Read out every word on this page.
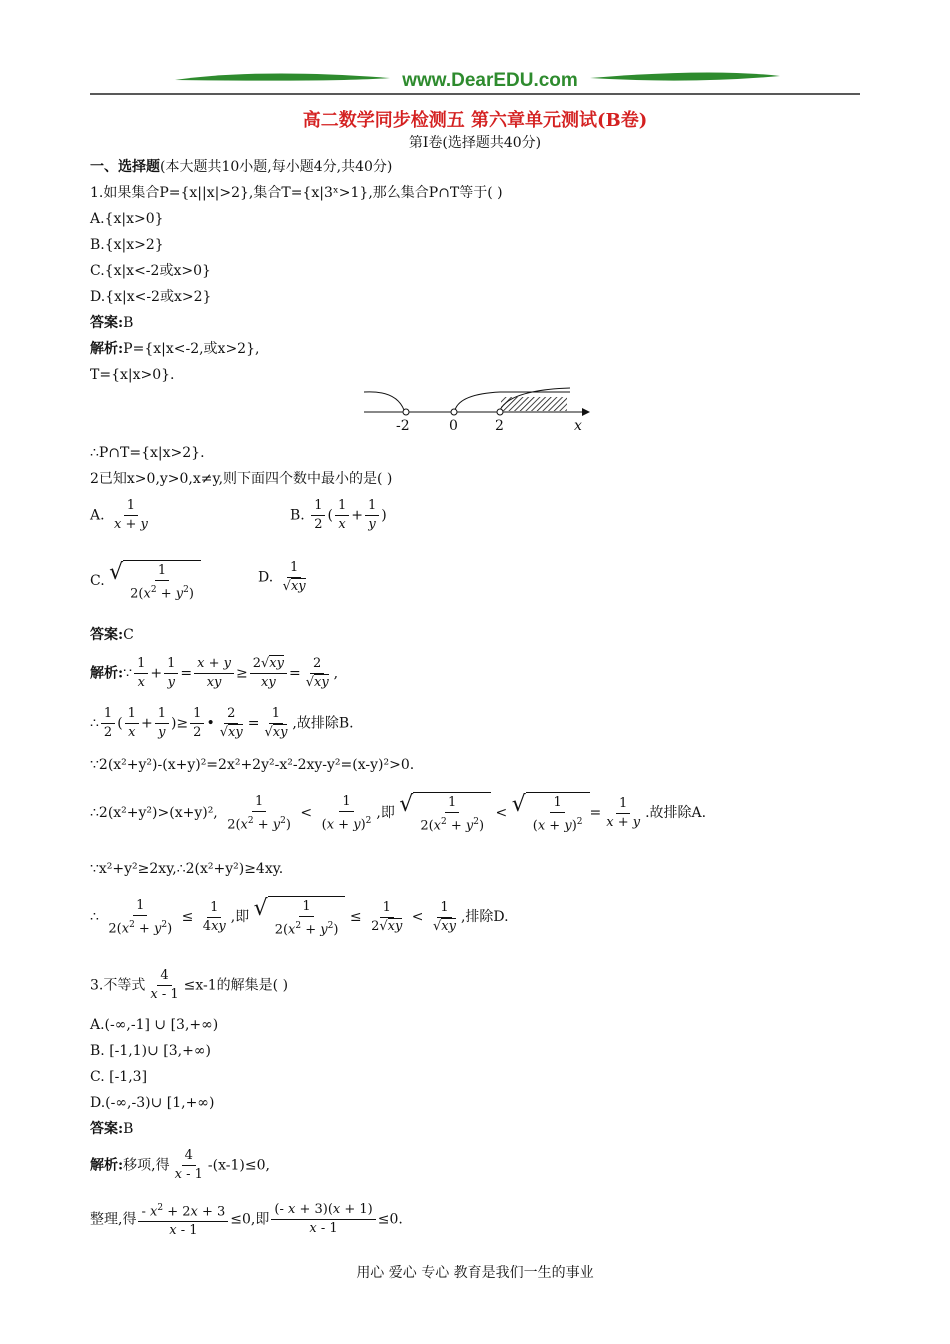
www.DearEDU.com
高二数学同步检测五 第六章单元测试(B卷)
第Ⅰ卷(选择题共40分)
一、选择题(本大题共10小题,每小题4分,共40分)
1.如果集合P={x||x|>2},集合T={x|3ˣ>1},那么集合P∩T等于( )
A.{x|x>0}
B.{x|x>2}
C.{x|x<-2或x>0}
D.{x|x<-2或x>2}
答案:B
解析:P={x|x<-2,或x>2},
T={x|x>0}.
-2	0	2	x
∴P∩T={x|x>2}.
2已知x>0,y>0,x≠y,则下面四个数中最小的是( )
A. $\frac{1}{x + y}$	B. $\frac{1}{2}$ ( $\frac{1}{x} + \frac{1}{y}$ )
C. √ $\frac{1}{2(x^2 + y^2)}$	D. $\frac{1}{√xy}$
答案:C
解析:∵ $\frac{1}{x} + \frac{1}{y} = \frac{x + y}{xy} \ge \frac{2√xy}{xy} = \frac{2}{√xy}$ ,
∴ $\frac{1}{2}$ ( $\frac{1}{x} + \frac{1}{y}$ )≥ $\frac{1}{2}$ • $\frac{2}{√xy} = \frac{1}{√xy}$ ,故排除B.
∵2(x²+y²)-(x+y)²=2x²+2y²-x²-2xy-y²=(x-y)²>0.
∴2(x²+y²)>(x+y)², $\frac{1}{2(x^2 + y^2)} < \frac{1}{(x + y)^2}$ ,即 √ $\frac{1}{2(x^2 + y^2)}$ < √ $\frac{1}{(x + y)^2} = \frac{1}{x + y}$ .故排除A.
∵x²+y²≥2xy,∴2(x²+y²)≥4xy.
∴ $\frac{1}{2(x^2 + y^2)} \le \frac{1}{4xy}$ ,即 √ $\frac{1}{2(x^2 + y^2)} \le \frac{1}{2√xy} < \frac{1}{√xy}$ ,排除D.
3.不等式 $\frac{4}{x - 1} \le x-1$的解集是( )
A.(-∞,-1] ∪ [3,+∞)
B. [-1,1)∪ [3,+∞)
C. [-1,3]
D.(-∞,-3)∪ [1,+∞)
答案:B
解析:移项,得 $\frac{4}{x - 1} -(x-1)\le 0$,
整理,得 $\frac{- x^2 + 2x + 3}{x - 1} \le 0$,即 $\frac{(- x + 3)(x + 1)}{x - 1} \le 0$.
用心 爱心 专心 教育是我们一生的事业
